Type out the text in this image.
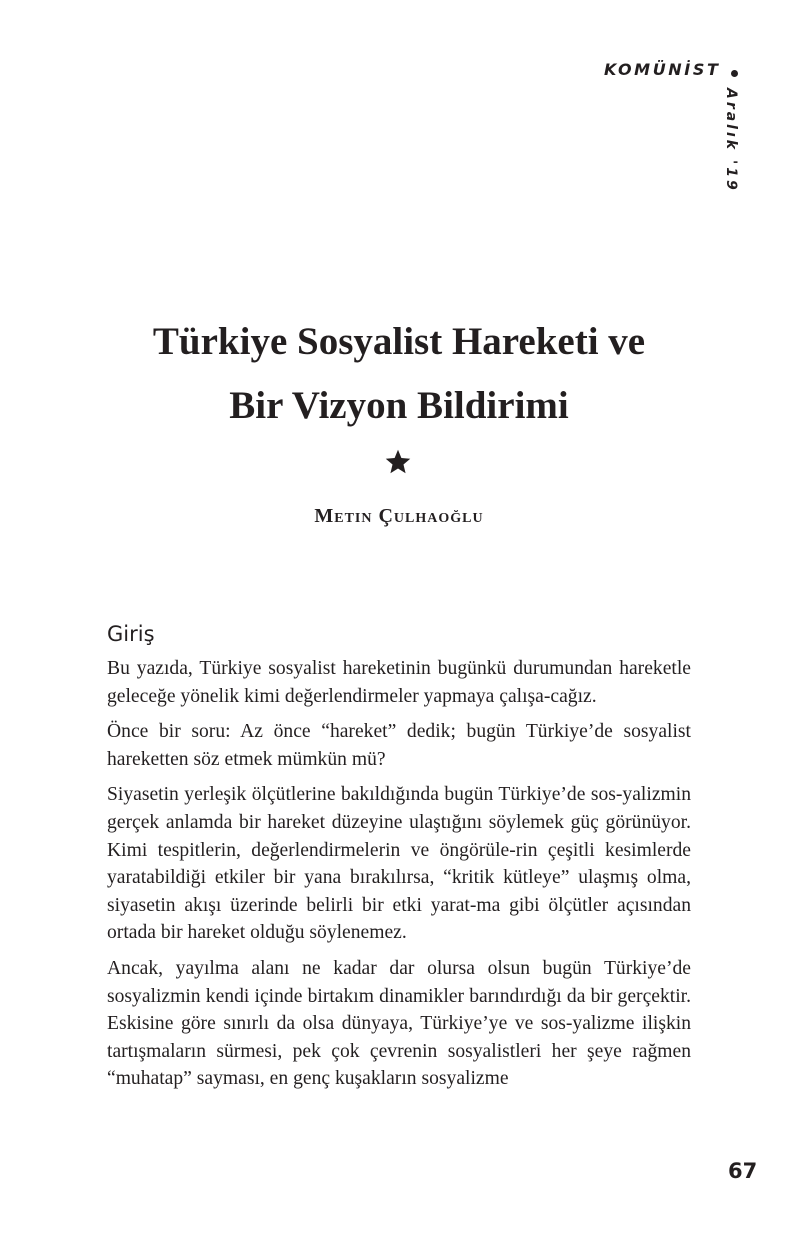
KOMÜNİST
Aralık '19
Türkiye Sosyalist Hareketi ve
Bir Vizyon Bildirimi
Metin Çulhaoğlu
Giriş

Bu yazıda, Türkiye sosyalist hareketinin bugünkü durumundan hareketle geleceğe yönelik kimi değerlendirmeler yapmaya çalışa-cağız.

Önce bir soru: Az önce “hareket” dedik; bugün Türkiye’de sosyalist hareketten söz etmek mümkün mü?

Siyasetin yerleşik ölçütlerine bakıldığında bugün Türkiye’de sos-yalizmin gerçek anlamda bir hareket düzeyine ulaştığını söylemek güç görünüyor. Kimi tespitlerin, değerlendirmelerin ve öngörüle-rin çeşitli kesimlerde yaratabildiği etkiler bir yana bırakılırsa, “kritik kütleye” ulaşmış olma, siyasetin akışı üzerinde belirli bir etki yarat-ma gibi ölçütler açısından ortada bir hareket olduğu söylenemez.

Ancak, yayılma alanı ne kadar dar olursa olsun bugün Türkiye’de sosyalizmin kendi içinde birtakım dinamikler barındırdığı da bir gerçektir. Eskisine göre sınırlı da olsa dünyaya, Türkiye’ye ve sos-yalizme ilişkin tartışmaların sürmesi, pek çok çevrenin sosyalistleri her şeye rağmen “muhatap” sayması, en genç kuşakların sosyalizme

67
